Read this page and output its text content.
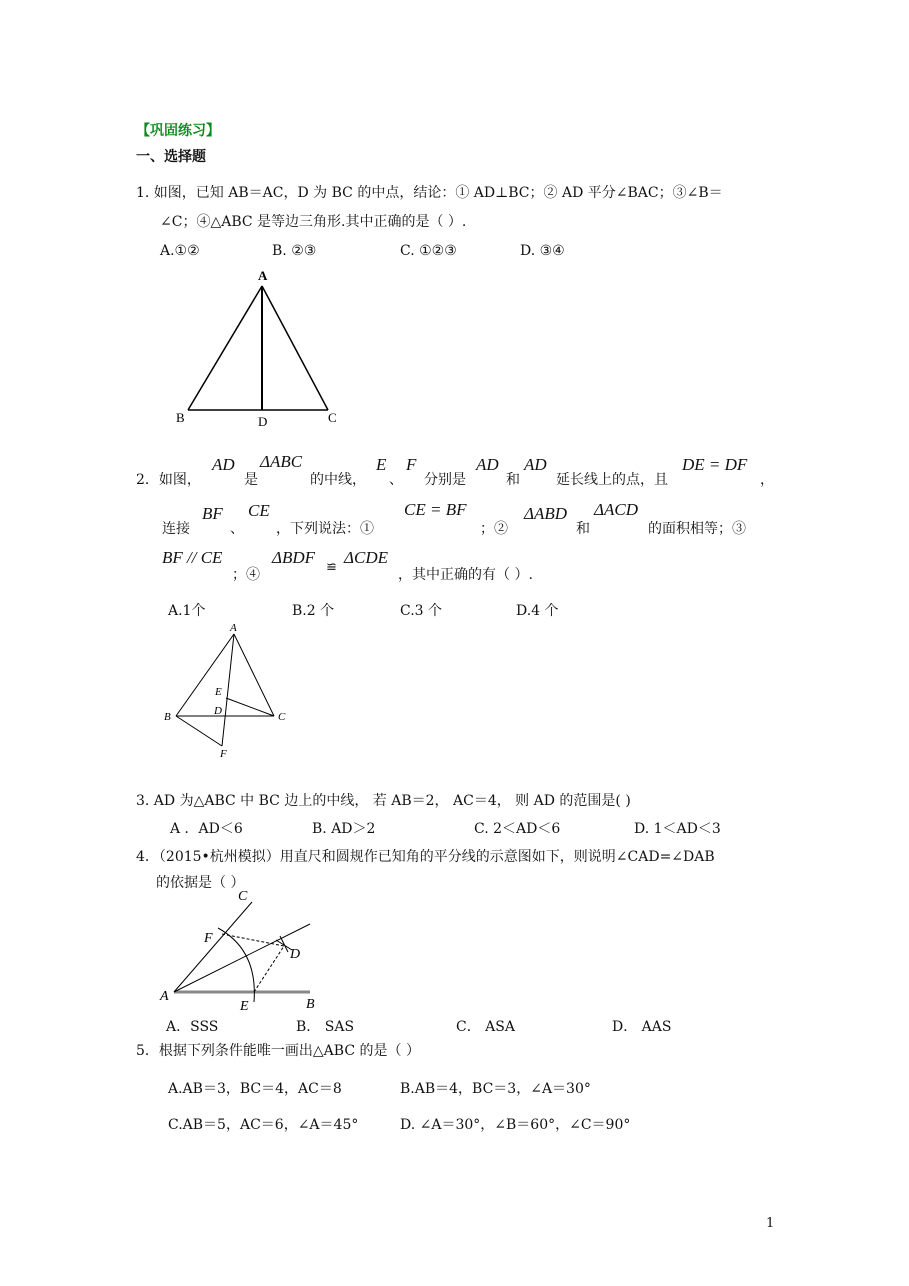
【巩固练习】
一、选择题
1. 如图，已知 AB＝AC，D 为 BC 的中点，结论：① AD⊥BC；② AD 平分∠BAC；③∠B＝
∠C；④△ABC 是等边三角形.其中正确的是（ ）.
A.①②	B. ②③	C. ①②③	D. ③④
A
B	C
D
2．如图，
AD
是
ΔABC
的中线，
E
、
F
分别是
AD
和
AD
延长线上的点，且
DE = DF
，
连接
BF
、
CE
，下列说法：①
CE = BF
；②
ΔABD
和
ΔACD
的面积相等；③
BF // CE
；④
ΔBDF
≌
ΔCDE
，其中正确的有（ ）.
A.1个	B.2 个	C.3 个	D.4 个
A
B	C
D
E
F
3. AD 为△ABC 中 BC 边上的中线， 若 AB＝2， AC＝4， 则 AD 的范围是( )
A ．AD＜6	B. AD＞2	C. 2＜AD＜6	D. 1＜AD＜3
4．（2015•杭州模拟）用直尺和圆规作已知角的平分线的示意图如下，则说明∠CAD=∠DAB
的依据是（ ）
C
F
D
A
E	B
A．SSS	B． SAS	C． ASA	D． AAS
5．根据下列条件能唯一画出△ABC 的是（ ）
A.AB＝3，BC＝4，AC＝8	B.AB＝4，BC＝3，∠A＝30°
C.AB＝5，AC＝6，∠A＝45°	D. ∠A＝30°，∠B＝60°，∠C＝90°
1
